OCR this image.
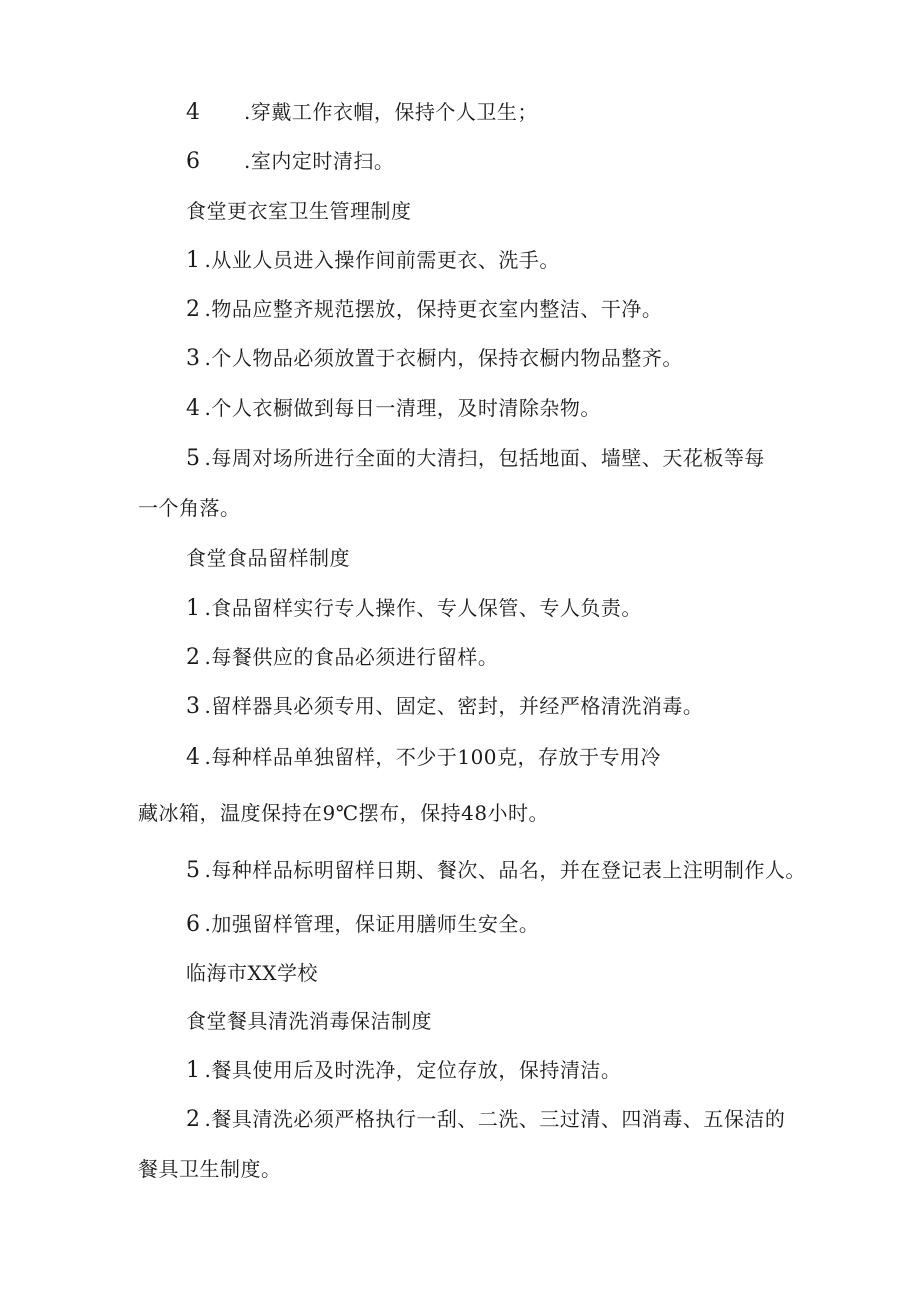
4 .穿戴工作衣帽，保持个人卫生；
6 .室内定时清扫。
食堂更衣室卫生管理制度
1 .从业人员进入操作间前需更衣、洗手。
2 .物品应整齐规范摆放，保持更衣室内整洁、干净。
3 .个人物品必须放置于衣橱内，保持衣橱内物品整齐。
4 .个人衣橱做到每日一清理，及时清除杂物。
5 .每周对场所进行全面的大清扫，包括地面、墙壁、天花板等每
一个角落。
食堂食品留样制度
1 .食品留样实行专人操作、专人保管、专人负责。
2 .每餐供应的食品必须进行留样。
3 .留样器具必须专用、固定、密封，并经严格清洗消毒。
4 .每种样品单独留样，不少于100克，存放于专用冷
藏冰箱，温度保持在9℃摆布，保持48小时。
5 .每种样品标明留样日期、餐次、品名，并在登记表上注明制作人。
6 .加强留样管理，保证用膳师生安全。
临海市XX学校
食堂餐具清洗消毒保洁制度
1 .餐具使用后及时洗净，定位存放，保持清洁。
2 .餐具清洗必须严格执行一刮、二洗、三过清、四消毒、五保洁的
餐具卫生制度。
